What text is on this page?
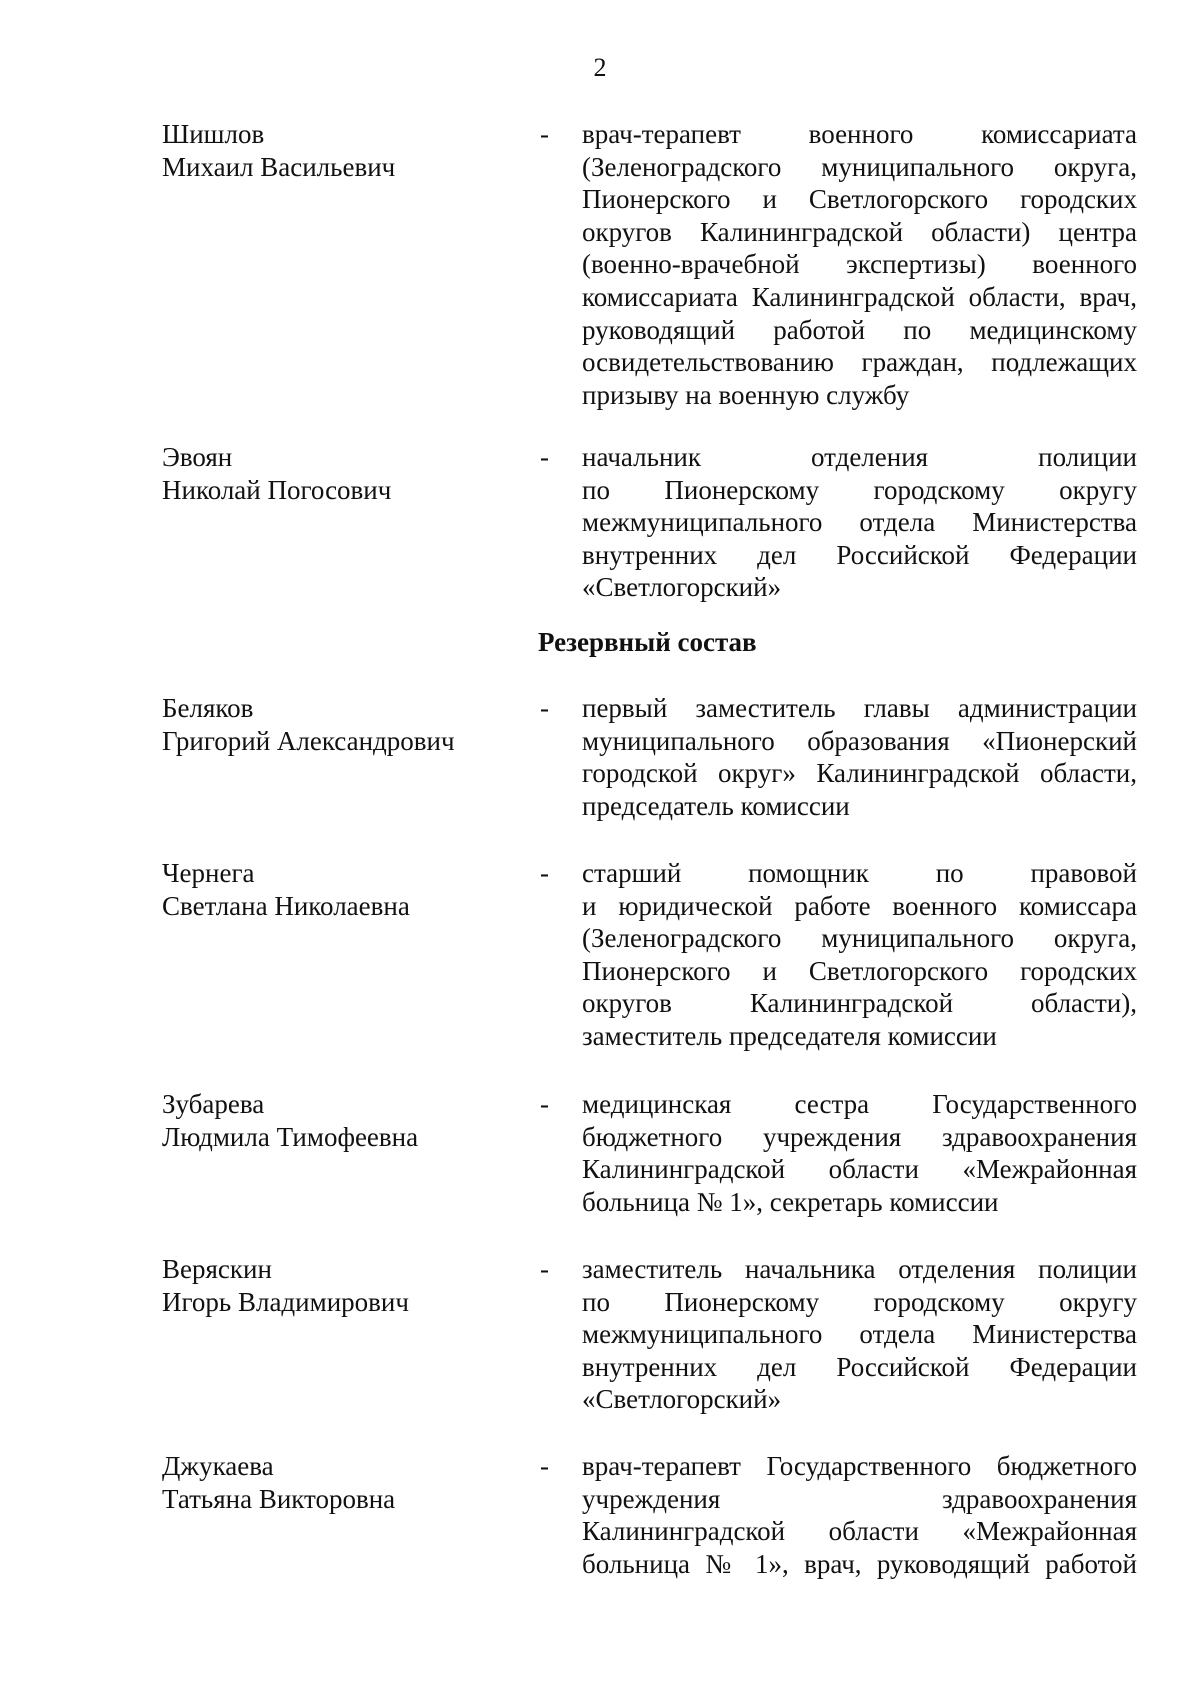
2
Шишлов
Михаил Васильевич
- врач-терапевт военного комиссариата
(Зеленоградского муниципального округа,
Пионерского и Светлогорского городских
округов Калининградской области) центра
(военно-врачебной экспертизы) военного
комиссариата Калининградской области, врач,
руководящий работой по медицинскому
освидетельствованию граждан, подлежащих
призыву на военную службу
Эвоян
Николай Погосович
- начальник отделения полиции
по Пионерскому городскому округу
межмуниципального отдела Министерства
внутренних дел Российской Федерации
«Светлогорский»
Резервный состав
Беляков
Григорий Александрович
- первый заместитель главы администрации
муниципального образования «Пионерский
городской округ» Калининградской области,
председатель комиссии
Чернега
Светлана Николаевна
- старший помощник по правовой
и юридической работе военного комиссара
(Зеленоградского муниципального округа,
Пионерского и Светлогорского городских
округов Калининградской области),
заместитель председателя комиссии
Зубарева
Людмила Тимофеевна
- медицинская сестра Государственного
бюджетного учреждения здравоохранения
Калининградской области «Межрайонная
больница № 1», секретарь комиссии
Веряскин
Игорь Владимирович
- заместитель начальника отделения полиции
по Пионерскому городскому округу
межмуниципального отдела Министерства
внутренних дел Российской Федерации
«Светлогорский»
Джукаева
Татьяна Викторовна
- врач-терапевт Государственного бюджетного
учреждения здравоохранения
Калининградской области «Межрайонная
больница № 1», врач, руководящий работой
